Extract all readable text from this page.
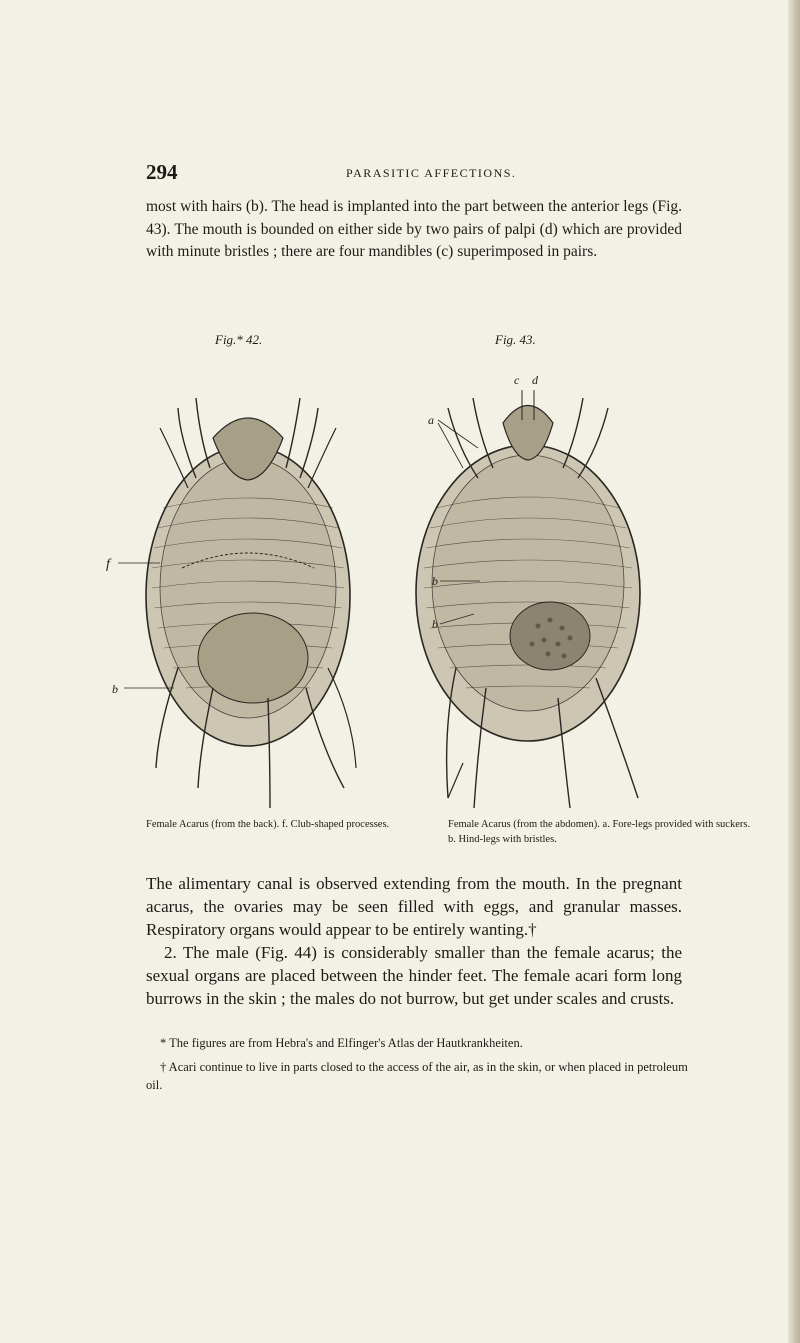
294	PARASITIC AFFECTIONS.

most with hairs (b). The head is implanted into the part between the anterior legs (Fig. 43). The mouth is bounded on either side by two pairs of palpi (d) which are provided with minute bristles ; there are four mandibles (c) superimposed in pairs.

Fig.* 42.	Fig. 43.
f
b
c d
a
b
b
Female Acarus (from the back). f. Club-shaped processes.	Female Acarus (from the abdomen). a. Fore-legs provided with suckers. b. Hind-legs with bristles.

The alimentary canal is observed extending from the mouth. In the pregnant acarus, the ovaries may be seen filled with eggs, and granular masses. Respiratory organs would appear to be entirely wanting.†

2. The male (Fig. 44) is considerably smaller than the female acarus; the sexual organs are placed between the hinder feet. The female acari form long burrows in the skin ; the males do not burrow, but get under scales and crusts.

* The figures are from Hebra's and Elfinger's Atlas der Hautkrankheiten.

† Acari continue to live in parts closed to the access of the air, as in the skin, or when placed in petroleum oil.
